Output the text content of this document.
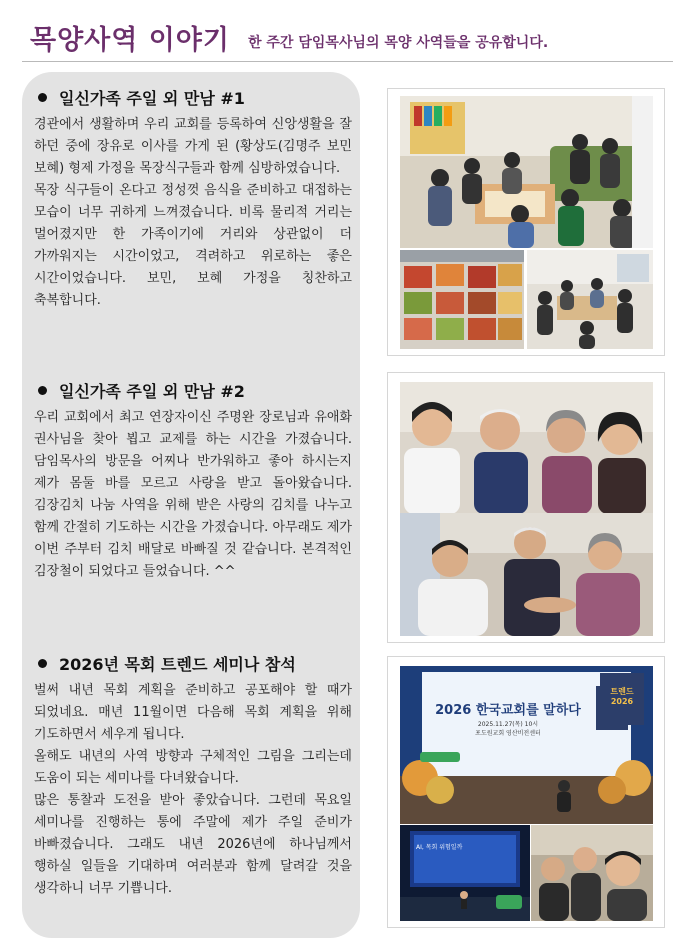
목양사역 이야기 한 주간 담임목사님의 목양 사역들을 공유합니다.
일신가족 주일 외 만남 #1

경관에서 생활하며 우리 교회를 등록하여 신앙생활을 잘 하던 중에 장유로 이사를 가게 된 (황상도(김명주 보민 보혜) 형제 가정을 목장식구들과 함께 심방하였습니다.

목장 식구들이 온다고 정성껏 음식을 준비하고 대접하는 모습이 너무 귀하게 느껴졌습니다. 비록 물리적 거리는 멀어졌지만 한 가족이기에 거리와 상관없이 더 가까워지는 시간이었고, 격려하고 위로하는 좋은 시간이었습니다. 보민, 보혜 가정을 칭찬하고 축복합니다.

일신가족 주일 외 만남 #2

우리 교회에서 최고 연장자이신 주명완 장로님과 유애화 권사님을 찾아 뵙고 교제를 하는 시간을 가졌습니다. 담임목사의 방문을 어찌나 반가워하고 좋아 하시는지 제가 몸둘 바를 모르고 사랑을 받고 돌아왔습니다. 김장김치 나눔 사역을 위해 받은 사랑의 김치를 나누고 함께 간절히 기도하는 시간을 가졌습니다. 아무래도 제가 이번 주부터 김치 배달로 바빠질 것 같습니다. 본격적인 김장철이 되었다고 들었습니다. ^^

2026년 목회 트렌드 세미나 참석

벌써 내년 목회 계획을 준비하고 공포해야 할 때가 되었네요. 매년 11월이면 다음해 목회 계획을 위해 기도하면서 세우게 됩니다.

올해도 내년의 사역 방향과 구체적인 그림을 그리는데 도움이 되는 세미나를 다녀왔습니다.

많은 통찰과 도전을 받아 좋았습니다. 그런데 목요일 세미나를 진행하는 통에 주말에 제가 주일 준비가 바빠졌습니다. 그래도 내년 2026년에 하나님께서 행하실 일들을 기대하며 여러분과 함께 달려갈 것을 생각하니 너무 기쁩니다.

트렌드 2026
2026 한국교회를 말하다
2025.11.27(목) 10시
포도원교회 영산비전센터
AI, 목회 위험일까
